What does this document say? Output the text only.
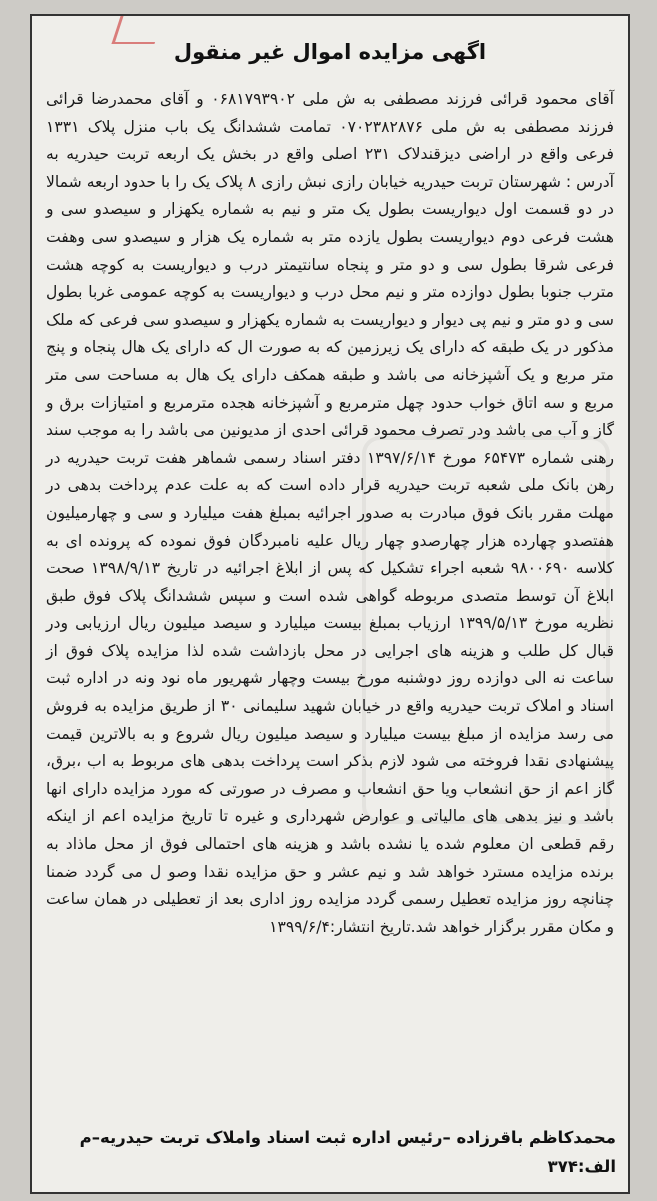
اگهی مزایده اموال غیر منقول
آقای محمود قرائی فرزند مصطفی به ش ملی ۰۶۸۱۷۹۳۹۰۲ و آقای محمدرضا قرائی فرزند مصطفی به ش ملی ۰۷۰۲۳۸۲۸۷۶ تمامت ششدانگ یک باب منزل پلاک ۱۳۳۱ فرعی واقع در اراضی دیزقندلاک ۲۳۱ اصلی واقع در بخش یک اربعه تربت حیدریه به آدرس : شهرستان تربت حیدریه خیابان رازی نبش رازی ۸ پلاک یک را با حدود اربعه شمالا در دو قسمت اول دیواریست بطول یک متر و نیم به شماره یکهزار و سیصدو سی و هشت فرعی دوم دیواریست بطول یازده متر به شماره یک هزار و سیصدو سی وهفت فرعی شرقا بطول سی و دو متر و پنجاه سانتیمتر درب و دیواریست به کوچه هشت مترب جنوبا بطول دوازده متر و نیم محل درب و دیواریست به کوچه عمومی غربا بطول سی و دو متر و نیم پی دیوار و دیواریست به شماره یکهزار و سیصدو سی فرعی که ملک مذکور در یک طبقه که دارای یک زیرزمین که به صورت ال که دارای یک هال پنجاه و پنج متر مربع و یک آشپزخانه می باشد و طبقه همکف دارای یک هال به مساحت سی متر مربع و سه اتاق خواب حدود چهل مترمربع و آشپزخانه هجده مترمربع و امتیازات برق و گاز و آب می باشد ودر تصرف محمود قرائی احدی از مدیونین می باشد را به موجب سند رهنی شماره ۶۵۴۷۳ مورخ ۱۳۹۷/۶/۱۴ دفتر اسناد رسمی شماهر هفت تربت حیدریه در رهن بانک ملی شعبه تربت حیدریه قرار داده است که به علت عدم پرداخت بدهی در مهلت مقرر بانک فوق مبادرت به صدور اجرائیه بمبلغ هفت میلیارد و سی و چهارمیلیون هفتصدو چهارده هزار چهارصدو چهار ریال علیه نامبردگان فوق نموده که پرونده ای به کلاسه ۹۸۰۰۶۹۰ شعبه اجراء تشکیل که پس از ابلاغ اجرائیه در تاریخ ۱۳۹۸/۹/۱۳ صحت ابلاغ آن توسط متصدی مربوطه گواهی شده است و سپس ششدانگ پلاک فوق طبق نظریه مورخ ۱۳۹۹/۵/۱۳ ارزیاب بمبلغ بیست میلیارد و سیصد میلیون ریال ارزیابی ودر قبال کل طلب و هزینه های اجرایی در محل بازداشت شده لذا مزایده پلاک فوق از ساعت نه الی دوازده روز دوشنبه مورخ بیست وچهار شهریور ماه نود ونه در اداره ثبت اسناد و املاک تربت حیدریه واقع در خیابان شهید سلیمانی ۳۰ از طریق مزایده به فروش می رسد مزایده از مبلغ بیست میلیارد و سیصد میلیون ریال شروع و به بالاترین قیمت پیشنهادی نقدا فروخته می شود لازم بذکر است پرداخت بدهی های مربوط به اب ،برق، گاز اعم از حق انشعاب ویا حق انشعاب و مصرف در صورتی که مورد مزایده دارای انها باشد و نیز بدهی های مالیاتی و عوارض شهرداری و غیره تا تاریخ مزایده اعم از اینکه رقم قطعی ان معلوم شده یا نشده باشد و هزینه های احتمالی فوق از محل ماذاد به برنده مزایده مسترد خواهد شد و نیم عشر و حق مزایده نقدا وصو ل می گردد ضمنا چنانچه روز مزایده تعطیل رسمی گردد مزایده روز اداری بعد از تعطیلی در همان ساعت و مکان مقرر برگزار خواهد شد.تاریخ انتشار:۱۳۹۹/۶/۴
محمدکاظم باقرزاده –رئیس اداره ثبت اسناد واملاک تربت حیدریه–م
الف:۳۷۴
